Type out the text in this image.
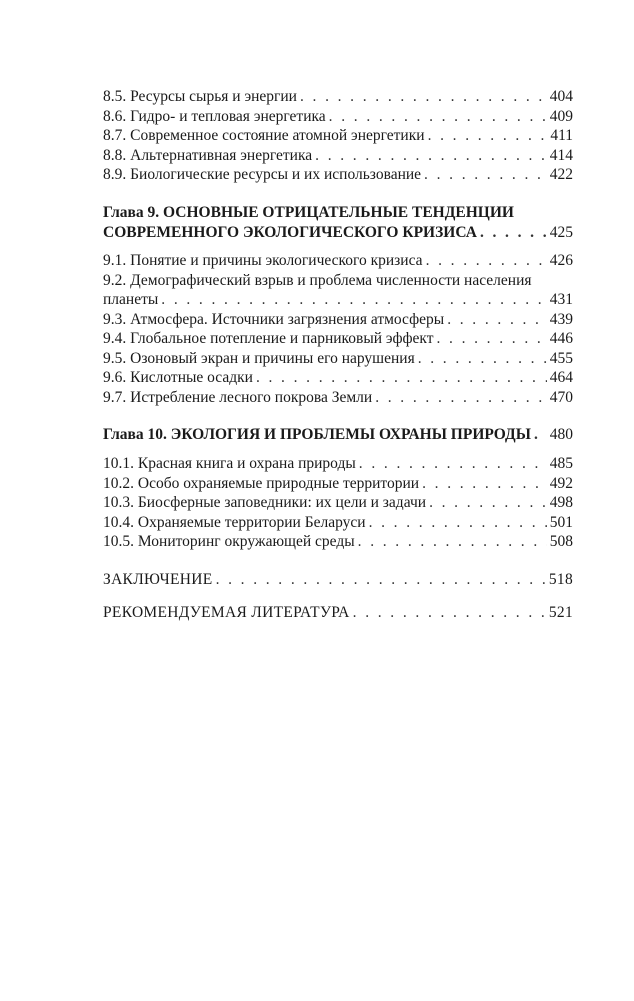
8.5. Ресурсы сырья и энергии . . .	404
8.6. Гидро- и тепловая энергетика . . .	409
8.7. Современное состояние атомной энергетики . . .	411
8.8. Альтернативная энергетика . . .	414
8.9. Биологические ресурсы и их использование . . .	422
Глава 9. ОСНОВНЫЕ ОТРИЦАТЕЛЬНЫЕ ТЕНДЕНЦИИ
СОВРЕМЕННОГО ЭКОЛОГИЧЕСКОГО КРИЗИСА . . .	425
9.1. Понятие и причины экологического кризиса . . .	426
9.2. Демографический взрыв и проблема численности населения
планеты . . .	431
9.3. Атмосфера. Источники загрязнения атмосферы . . .	439
9.4. Глобальное потепление и парниковый эффект . . .	446
9.5. Озоновый экран и причины его нарушения . . .	455
9.6. Кислотные осадки . . .	464
9.7. Истребление лесного покрова Земли . . .	470
Глава 10. ЭКОЛОГИЯ И ПРОБЛЕМЫ ОХРАНЫ ПРИРОДЫ . . . 480
10.1. Красная книга и охрана природы . . .	485
10.2. Особо охраняемые природные территории . . .	492
10.3. Биосферные заповедники: их цели и задачи . . .	498
10.4. Охраняемые территории Беларуси . . .	501
10.5. Мониторинг окружающей среды . . .	508
ЗАКЛЮЧЕНИЕ . . .	518
РЕКОМЕНДУЕМАЯ ЛИТЕРАТУРА . . .	521
